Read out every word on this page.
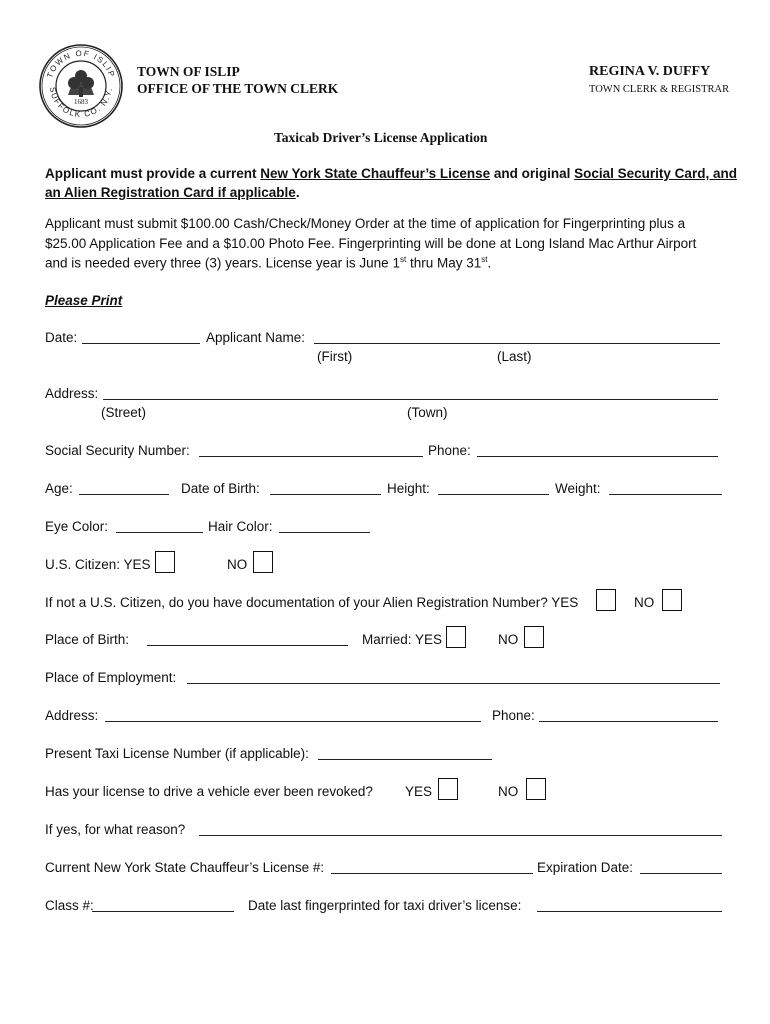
TOWN OF ISLIP
SUFFOLK CO. N.Y.
1683
TOWN OF ISLIP
OFFICE OF THE TOWN CLERK
REGINA V. DUFFY
TOWN CLERK & REGISTRAR
Taxicab Driver’s License Application
Applicant must provide a current New York State Chauffeur’s License and original Social Security Card, and
an Alien Registration Card if applicable.
Applicant must submit $100.00 Cash/Check/Money Order at the time of application for Fingerprinting plus a
$25.00 Application Fee and a $10.00 Photo Fee. Fingerprinting will be done at Long Island Mac Arthur Airport
and is needed every three (3) years. License year is June 1st thru May 31st.
Please Print
Date:	Applicant Name:
(First)	(Last)
Address:
(Street)	(Town)
Social Security Number:	Phone:
Age:	Date of Birth:	Height:	Weight:
Eye Color:	Hair Color:
U.S. Citizen: YES	NO
If not a U.S. Citizen, do you have documentation of your Alien Registration Number? YES	NO
Place of Birth:	Married: YES	NO
Place of Employment:
Address:	Phone:
Present Taxi License Number (if applicable):
Has your license to drive a vehicle ever been revoked? YES	NO
If yes, for what reason?
Current New York State Chauffeur’s License #:	Expiration Date:
Class #:	Date last fingerprinted for taxi driver’s license:
